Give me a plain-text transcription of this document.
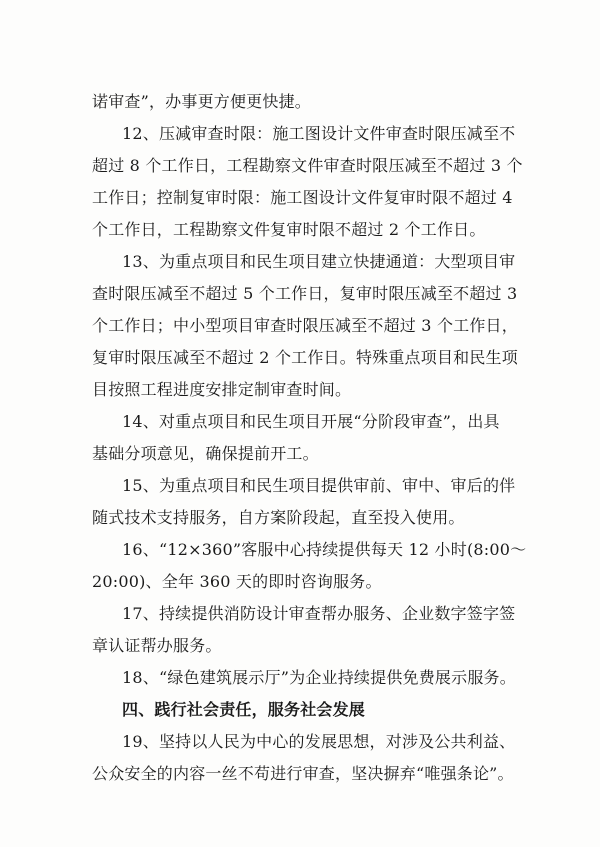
诺审查”，办事更方便更快捷。
12、压减审查时限：施工图设计文件审查时限压减至不
超过 8 个工作日，工程勘察文件审查时限压减至不超过 3 个
工作日；控制复审时限：施工图设计文件复审时限不超过 4
个工作日，工程勘察文件复审时限不超过 2 个工作日。
13、为重点项目和民生项目建立快捷通道：大型项目审
查时限压减至不超过 5 个工作日，复审时限压减至不超过 3
个工作日；中小型项目审查时限压减至不超过 3 个工作日，
复审时限压减至不超过 2 个工作日。特殊重点项目和民生项
目按照工程进度安排定制审查时间。
14、对重点项目和民生项目开展“分阶段审查”，出具
基础分项意见，确保提前开工。
15、为重点项目和民生项目提供审前、审中、审后的伴
随式技术支持服务，自方案阶段起，直至投入使用。
16、“12×360”客服中心持续提供每天 12 小时(8:00～
20:00)、全年 360 天的即时咨询服务。
17、持续提供消防设计审查帮办服务、企业数字签字签
章认证帮办服务。
18、“绿色建筑展示厅”为企业持续提供免费展示服务。
四、践行社会责任，服务社会发展
19、坚持以人民为中心的发展思想，对涉及公共利益、
公众安全的内容一丝不苟进行审查，坚决摒弃“唯强条论”。
